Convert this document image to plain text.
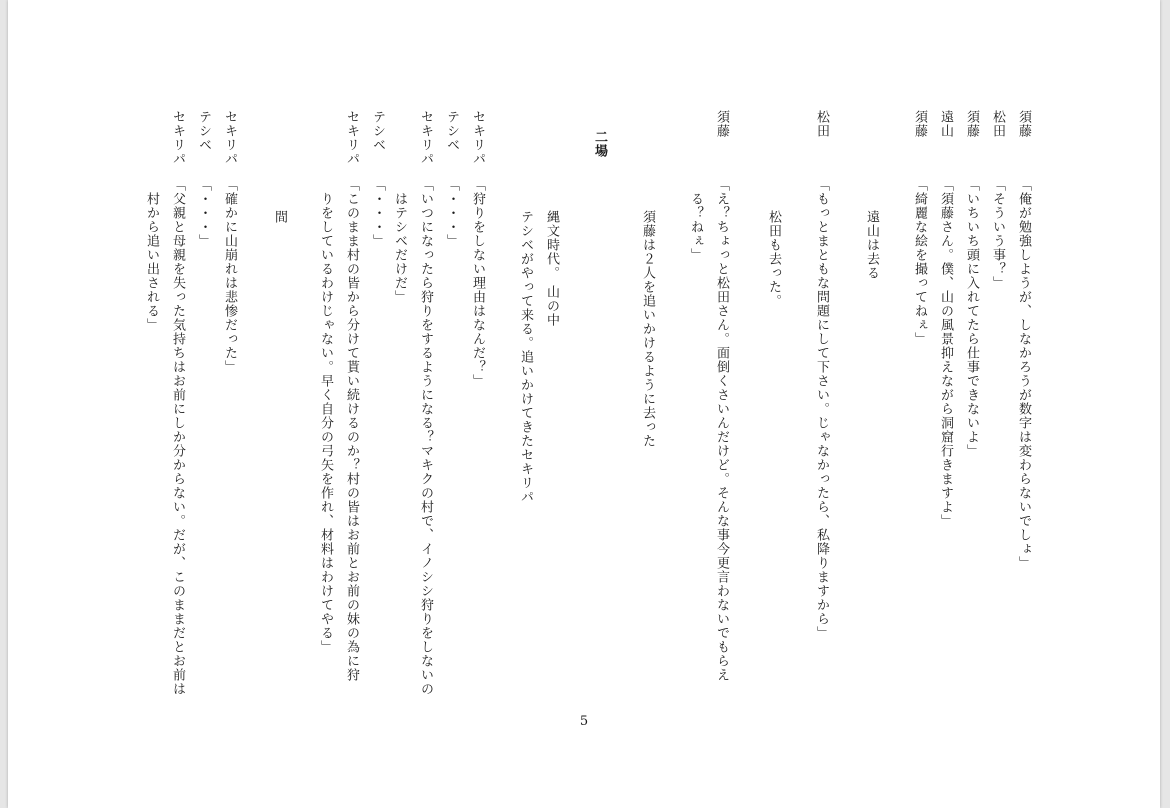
須藤
「俺が勉強しようが、しなかろうが数字は変わらないでしょ」
松田
「そういう事？」
須藤
「いちいち頭に入れてたら仕事できないよ」
遠山
「須藤さん。僕、山の風景抑えながら洞窟行きますよ」
須藤
「綺麗な絵を撮ってねぇ」
遠山は去る
松田
「もっとまともな問題にして下さい。じゃなかったら、私降りますから」
松田も去った。
須藤
「え？ちょっと松田さん。面倒くさいんだけど。そんな事今更言わないでもらえ
る？ねぇ」
須藤は２人を追いかけるように去った
二場
縄文時代。 山の中
テシベがやって来る。追いかけてきたセキリパ
セキリパ
「狩りをしない理由はなんだ？」
テシベ
「・・・」
セキリパ
「いつになったら狩りをするようになる？マキクの村で、イノシシ狩りをしないの
はテシベだけだ」
テシベ
「・・・」
セキリパ
「このまま村の皆から分けて貰い続けるのか？村の皆はお前とお前の妹の為に狩
りをしているわけじゃない。早く自分の弓矢を作れ、材料はわけてやる」
間
セキリパ
「確かに山崩れは悲惨だった」
テシベ
「・・・」
セキリパ
「父親と母親を失った気持ちはお前にしか分からない。だが、このままだとお前は
村から追い出される」
5
